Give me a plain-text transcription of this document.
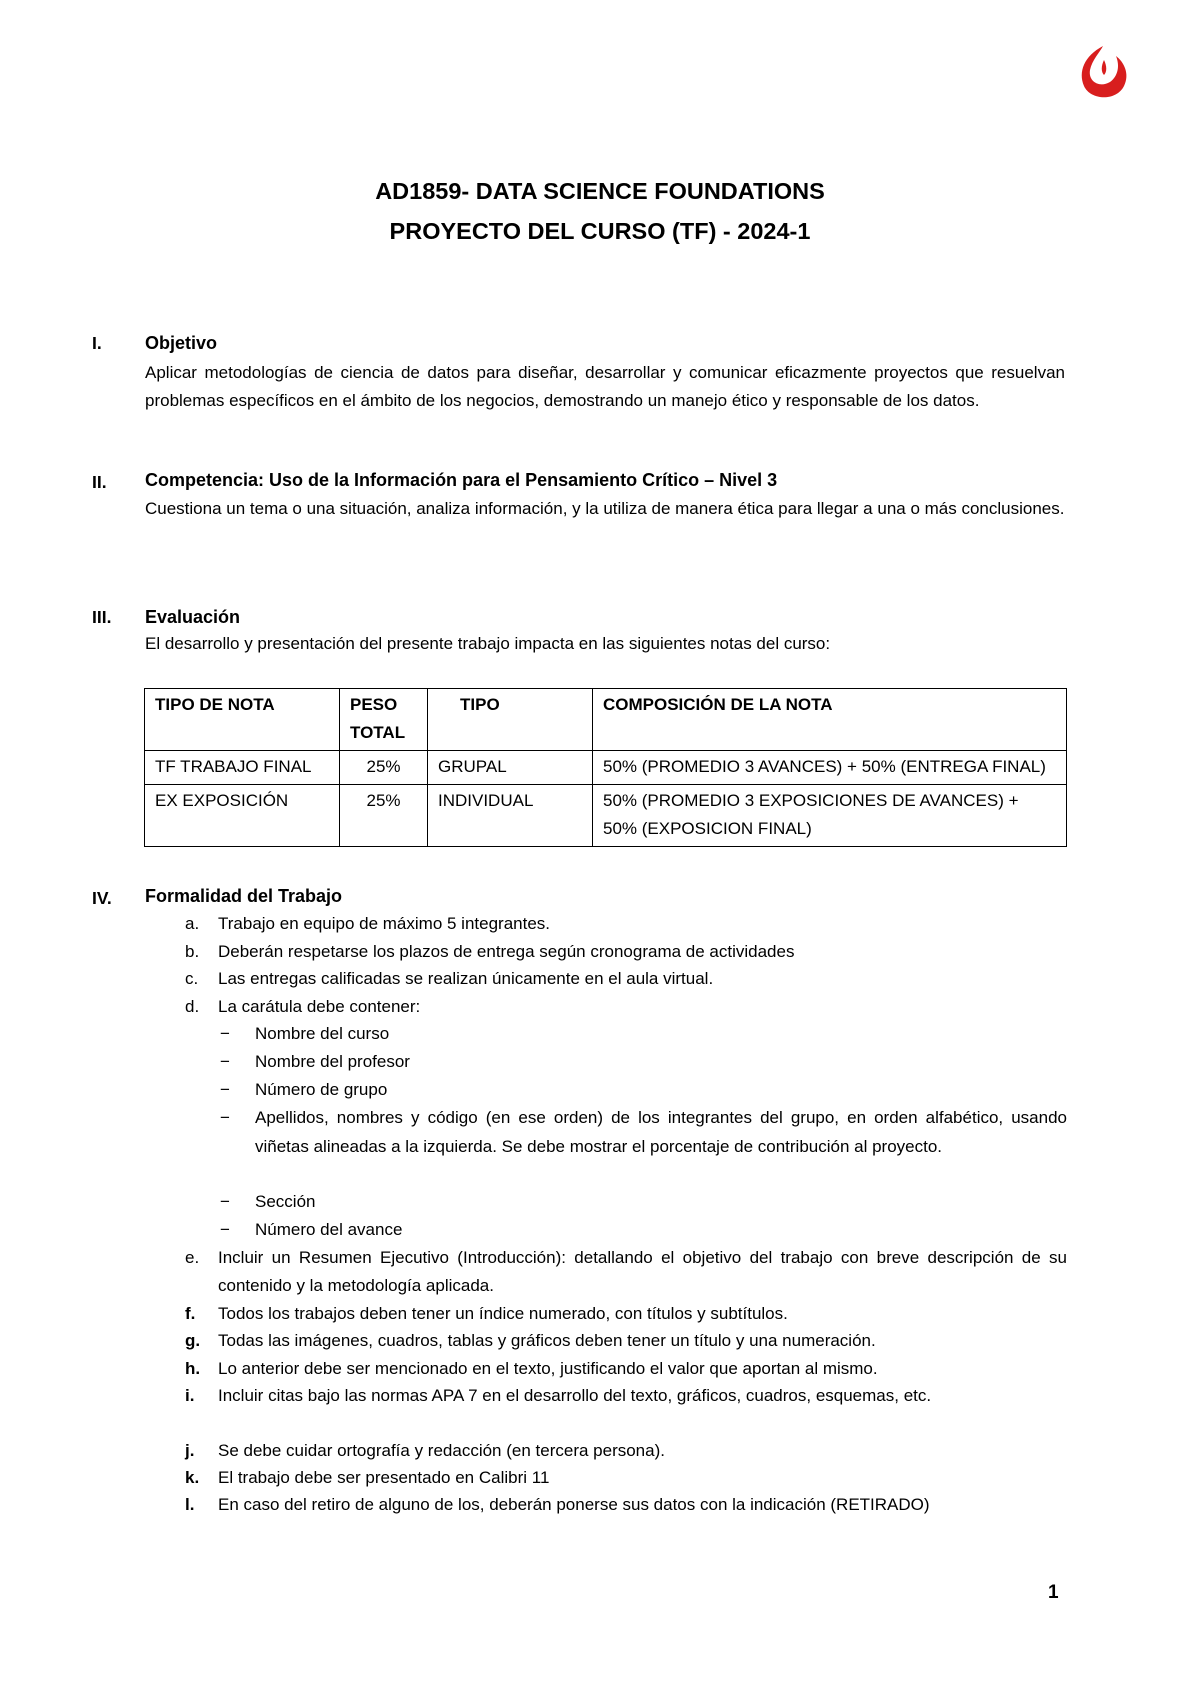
AD1859- DATA SCIENCE FOUNDATIONS
PROYECTO DEL CURSO (TF) - 2024-1
I. Objetivo
Aplicar metodologías de ciencia de datos para diseñar, desarrollar y comunicar eficazmente proyectos que resuelvan problemas específicos en el ámbito de los negocios, demostrando un manejo ético y responsable de los datos.
II. Competencia: Uso de la Información para el Pensamiento Crítico – Nivel 3
Cuestiona un tema o una situación, analiza información, y la utiliza de manera ética para llegar a una o más conclusiones.
III. Evaluación
El desarrollo y presentación del presente trabajo impacta en las siguientes notas del curso:
TIPO DE NOTA	PESO TOTAL	TIPO	COMPOSICIÓN DE LA NOTA
TF TRABAJO FINAL	25%	GRUPAL	50% (PROMEDIO 3 AVANCES) + 50% (ENTREGA FINAL)
EX EXPOSICIÓN	25%	INDIVIDUAL	50% (PROMEDIO 3 EXPOSICIONES DE AVANCES) + 50% (EXPOSICION FINAL)
IV. Formalidad del Trabajo
a.	Trabajo en equipo de máximo 5 integrantes.
b.	Deberán respetarse los plazos de entrega según cronograma de actividades
c.	Las entregas calificadas se realizan únicamente en el aula virtual.
d.	La carátula debe contener:
− Nombre del curso
− Nombre del profesor
− Número de grupo
− Apellidos, nombres y código (en ese orden) de los integrantes del grupo, en orden alfabético, usando viñetas alineadas a la izquierda. Se debe mostrar el porcentaje de contribución al proyecto.
− Sección
− Número del avance
e.	Incluir un Resumen Ejecutivo (Introducción): detallando el objetivo del trabajo con breve descripción de su contenido y la metodología aplicada.
f.	Todos los trabajos deben tener un índice numerado, con títulos y subtítulos.
g.	Todas las imágenes, cuadros, tablas y gráficos deben tener un título y una numeración.
h.	Lo anterior debe ser mencionado en el texto, justificando el valor que aportan al mismo.
i.	Incluir citas bajo las normas APA 7 en el desarrollo del texto, gráficos, cuadros, esquemas, etc.
j.	Se debe cuidar ortografía y redacción (en tercera persona).
k.	El trabajo debe ser presentado en Calibri 11
l.	En caso del retiro de alguno de los, deberán ponerse sus datos con la indicación (RETIRADO)
1
